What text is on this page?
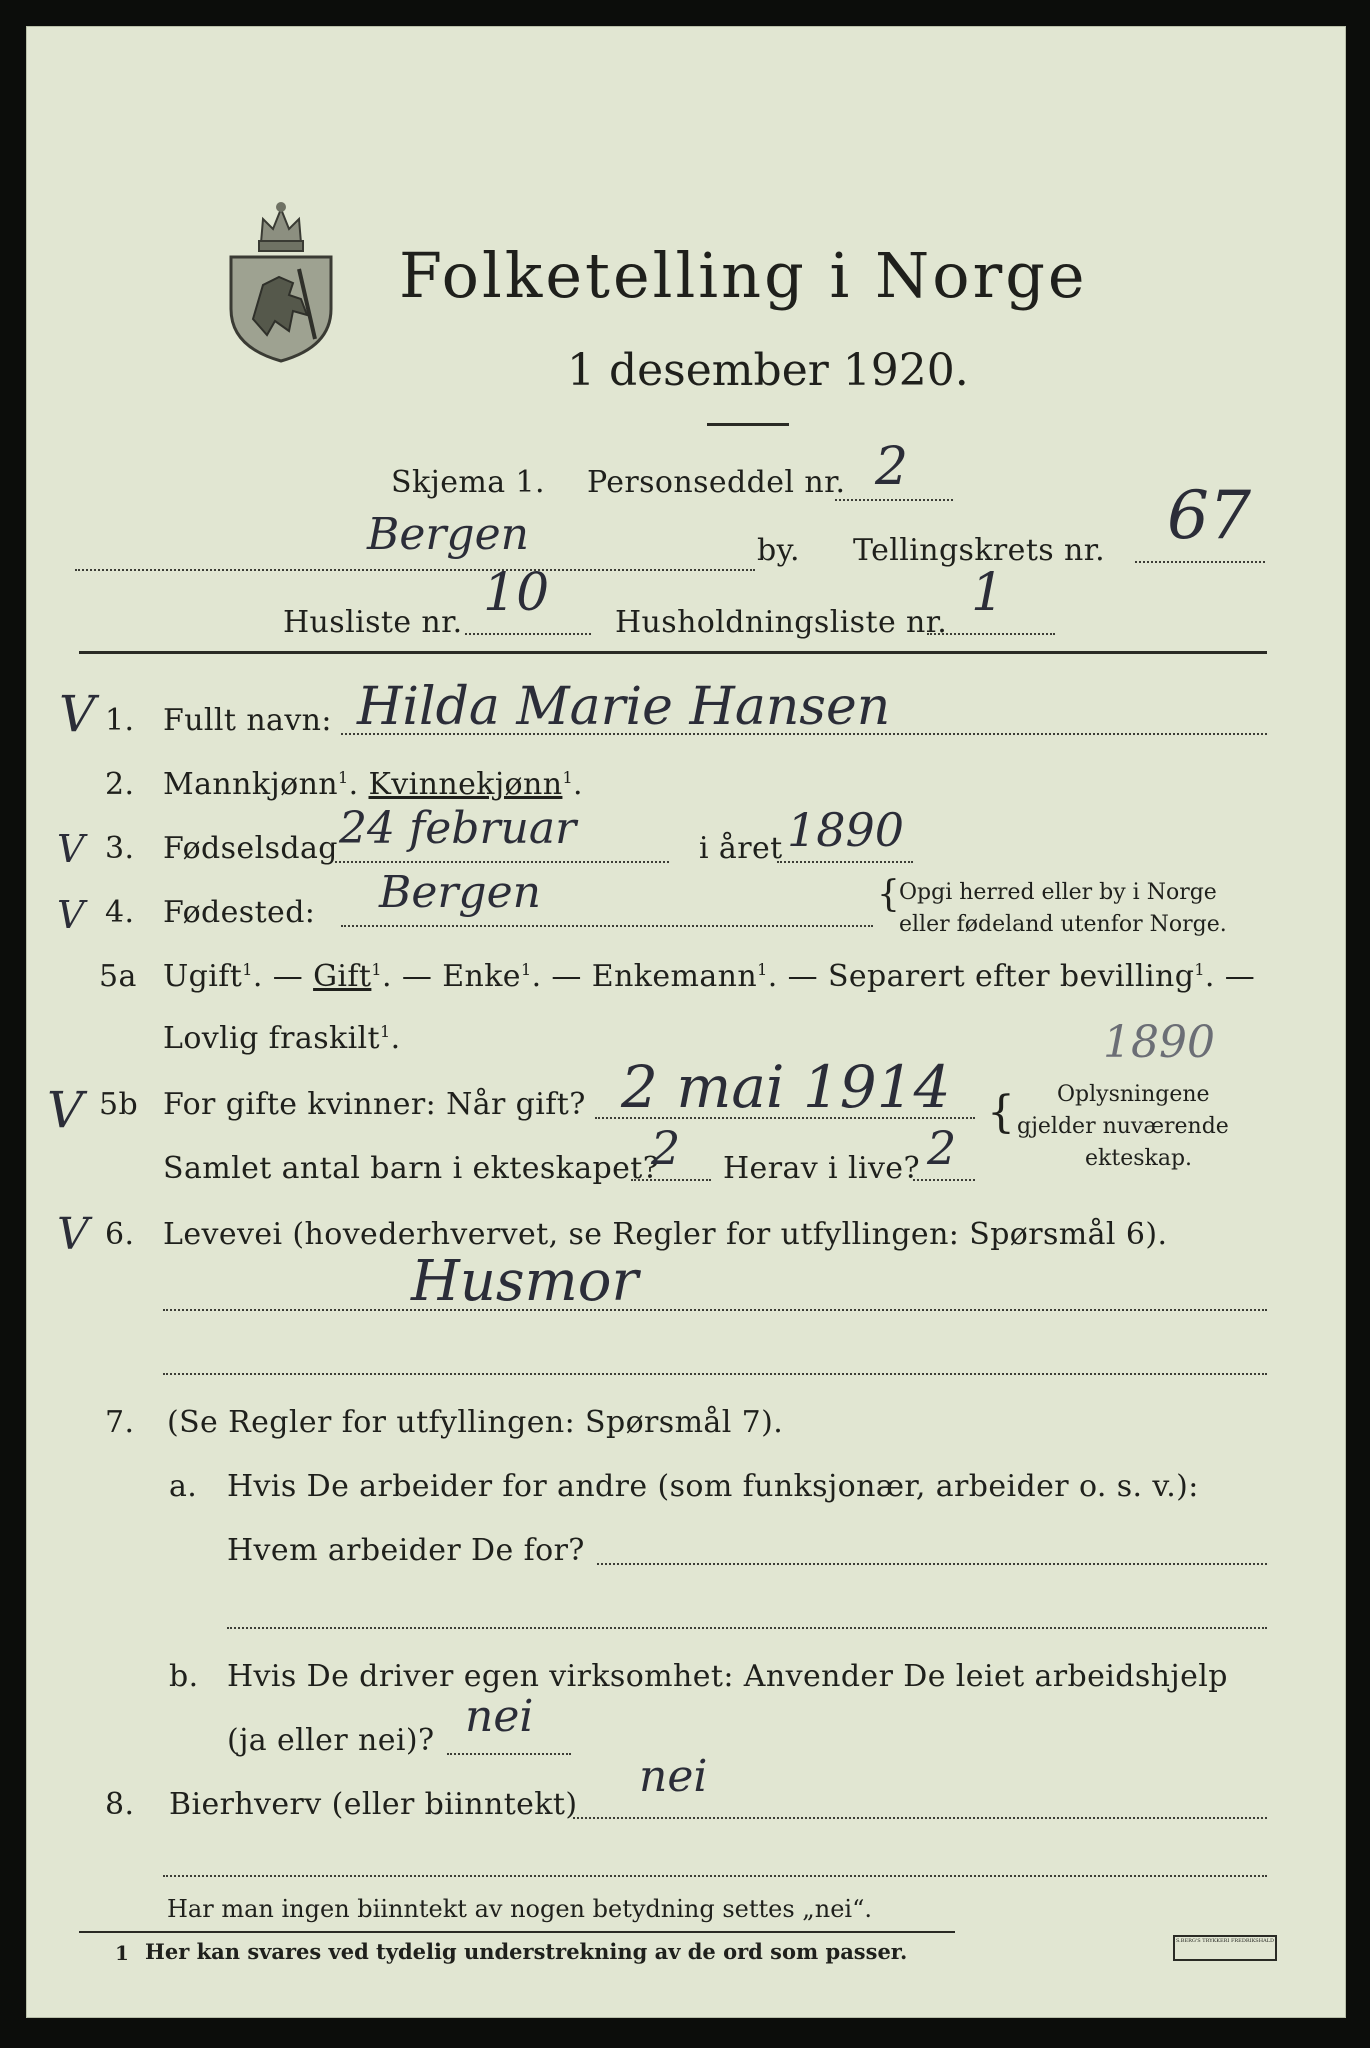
Folketelling i Norge
1 desember 1920.
Skjema 1. Personseddel nr. 2
Bergen	by. Tellingskrets nr. 67
Husliste nr. 10 Husholdningsliste nr. 1
V
V
V
V
V
1. Fullt navn: Hilda Marie Hansen
2. Mannkjønn$^1$. Kvinnekjønn$^1$.
3. Fødselsdag 24 februar	i året 1890
4. Fødested: Bergen	{ Opgi herred eller by i Norge
eller fødeland utenfor Norge.
5a Ugift$^1$. — Gift$^1$. — Enke$^1$. — Enkemann$^1$. — Separert efter bevilling$^1$. —
Lovlig fraskilt$^1$.	1890
5b For gifte kvinner: Når gift? 2 mai 1914
Samlet antal barn i ekteskapet?
2 Herav i live? 2
{ Oplysningene
gjelder nuværende
ekteskap.
6. Levevei (hovederhvervet, se Regler for utfyllingen: Spørsmål 6).
Husmor
7. (Se Regler for utfyllingen: Spørsmål 7).
a. Hvis De arbeider for andre (som funksjonær, arbeider o. s. v.):
Hvem arbeider De for?
b. Hvis De driver egen virksomhet: Anvender De leiet arbeidshjelp
(ja eller nei)? nei
8. Bierhverv (eller biinntekt)
nei
Har man ingen biinntekt av nogen betydning settes „nei“.
1 Her kan svares ved tydelig understrekning av de ord som passer.	S.BERG'S TRYKKERI FREDRIKSHALD
